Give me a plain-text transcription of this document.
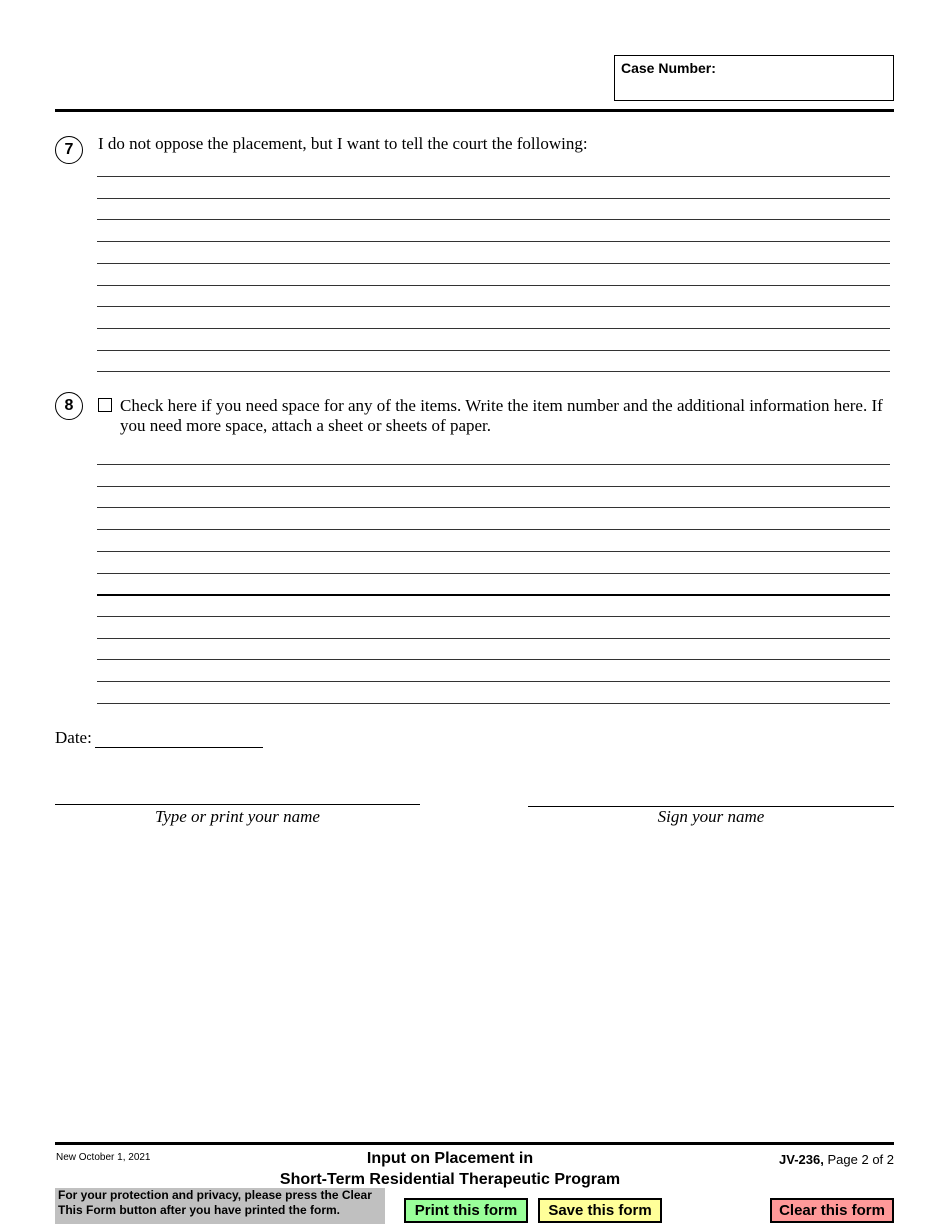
Case Number:
7	I do not oppose the placement, but I want to tell the court the following:
8	Check here if you need space for any of the items. Write the item number and the additional information here. If you need more space, attach a sheet or sheets of paper.
Date:
Type or print your name	Sign your name
New October 1, 2021	Input on Placement in
Short-Term Residential Therapeutic Program
JV-236, Page 2 of 2
For your protection and privacy, please press the Clear This Form button after you have printed the form.	Print this form	Save this form	Clear this form
